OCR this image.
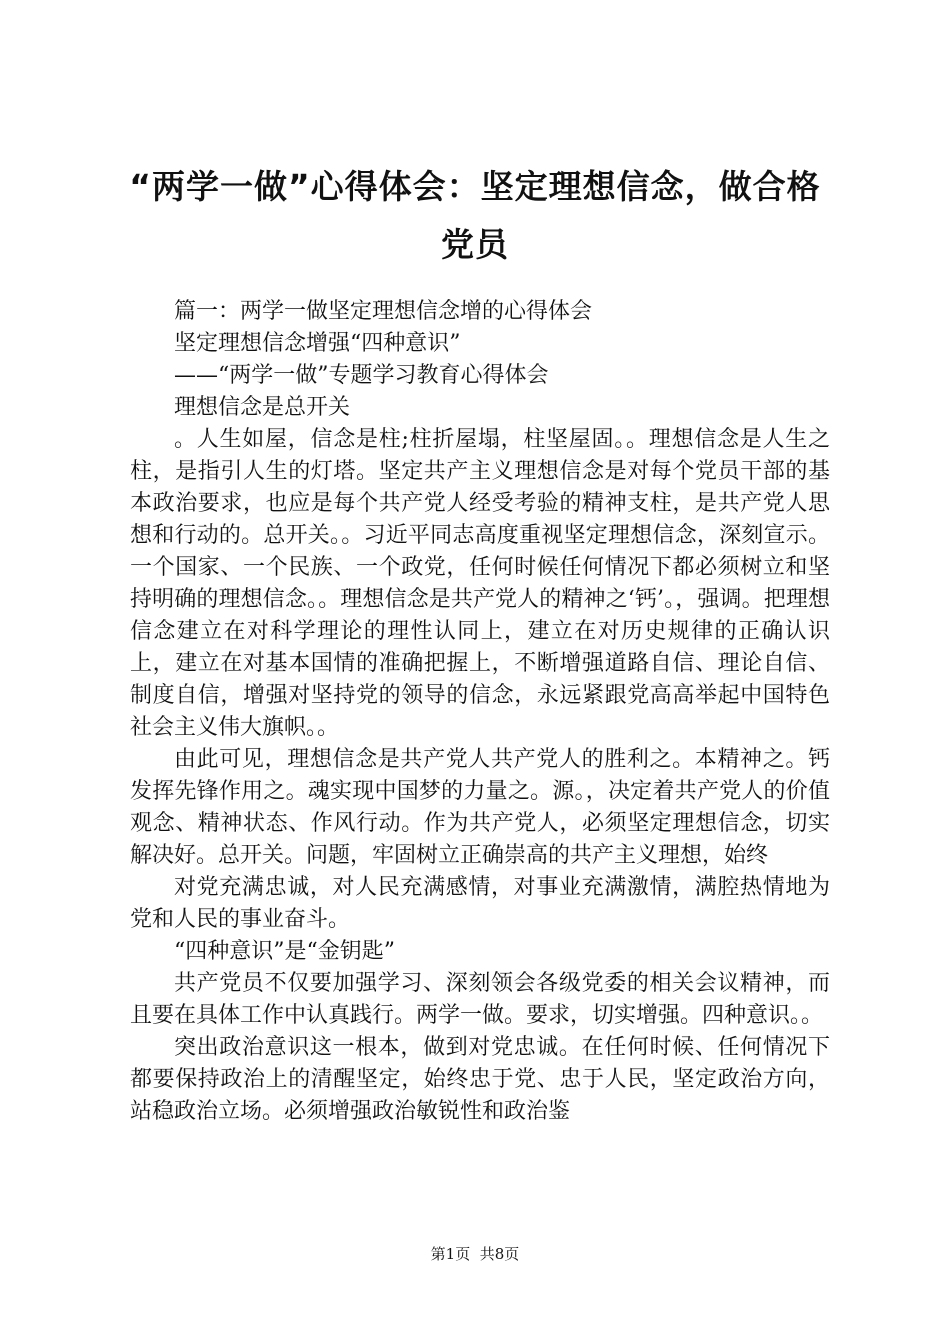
“两学一做”心得体会：坚定理想信念，做合格党员

篇一：两学一做坚定理想信念增的心得体会

坚定理想信念增强“四种意识”

——“两学一做”专题学习教育心得体会

理想信念是总开关

。人生如屋，信念是柱;柱折屋塌，柱坚屋固。。理想信念是人生之柱，是指引人生的灯塔。坚定共产主义理想信念是对每个党员干部的基本政治要求，也应是每个共产党人经受考验的精神支柱，是共产党人思想和行动的。总开关。。习近平同志高度重视坚定理想信念，深刻宣示。一个国家、一个民族、一个政党，任何时候任何情况下都必须树立和坚持明确的理想信念。。理想信念是共产党人的精神之‘钙’。，强调。把理想信念建立在对科学理论的理性认同上，建立在对历史规律的正确认识上，建立在对基本国情的准确把握上，不断增强道路自信、理论自信、制度自信，增强对坚持党的领导的信念，永远紧跟党高高举起中国特色社会主义伟大旗帜。。

由此可见，理想信念是共产党人共产党人的胜利之。本精神之。钙发挥先锋作用之。魂实现中国梦的力量之。源。，决定着共产党人的价值观念、精神状态、作风行动。作为共产党人，必须坚定理想信念，切实解决好。总开关。问题，牢固树立正确崇高的共产主义理想，始终

对党充满忠诚，对人民充满感情，对事业充满激情，满腔热情地为党和人民的事业奋斗。

“四种意识”是“金钥匙”

共产党员不仅要加强学习、深刻领会各级党委的相关会议精神，而且要在具体工作中认真践行。两学一做。要求，切实增强。四种意识。。

突出政治意识这一根本，做到对党忠诚。在任何时候、任何情况下都要保持政治上的清醒坚定，始终忠于党、忠于人民，坚定政治方向，站稳政治立场。必须增强政治敏锐性和政治鉴

第1页 共8页
